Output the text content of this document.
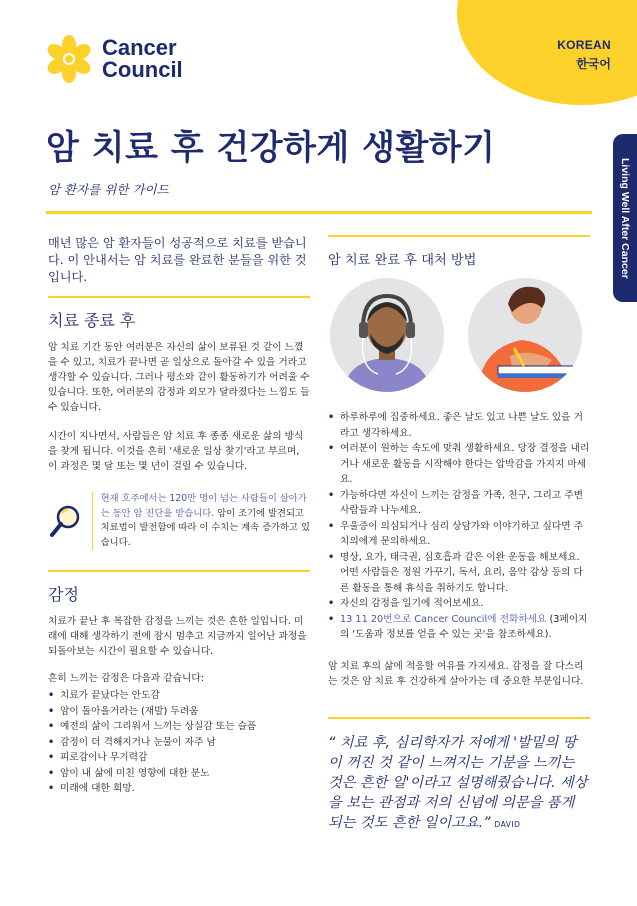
KOREAN
한국어
Cancer
Council
Living Well After Cancer
암 치료 후 건강하게 생활하기
암 환자를 위한 가이드

매년 많은 암 환자들이 성공적으로 치료를 받습니다. 이 안내서는 암 치료를 완료한 분들을 위한 것입니다.

치료 종료 후

암 치료 기간 동안 여러분은 자신의 삶이 보류된 것 같이 느꼈을 수 있고, 치료가 끝나면 곧 일상으로 돌아갈 수 있을 거라고 생각할 수 있습니다. 그러나 평소와 같이 활동하기가 어려울 수 있습니다. 또한, 여러분의 감정과 외모가 달라졌다는 느낌도 들 수 있습니다.

시간이 지나면서, 사람들은 암 치료 후 종종 새로운 삶의 방식을 찾게 됩니다. 이것을 흔히 '새로운 일상 찾기'라고 부르며, 이 과정은 몇 달 또는 몇 년이 걸릴 수 있습니다.

현재 호주에서는 120만 명이 넘는 사람들이 살아가는 동안 암 진단을 받습니다. 암이 조기에 발견되고 치료법이 발전함에 따라 이 수치는 계속 증가하고 있습니다.
감정

치료가 끝난 후 복잡한 감정을 느끼는 것은 흔한 일입니다. 미래에 대해 생각하기 전에 잠시 멈추고 지금까지 일어난 과정을 되돌아보는 시간이 필요할 수 있습니다.

흔히 느끼는 감정은 다음과 같습니다:

• 치료가 끝났다는 안도감
• 암이 돌아올거라는 (재발) 두려움
• 예전의 삶이 그리워서 느끼는 상실감 또는 슬픔
• 감정이 더 격해지거나 눈물이 자주 남
• 피로감이나 무기력감
• 암이 내 삶에 미친 영향에 대한 분노
• 미래에 대한 희망.
암 치료 완료 후 대처 방법
• 하루하루에 집중하세요. 좋은 날도 있고 나쁜 날도 있을 거라고 생각하세요.
• 여러분이 원하는 속도에 맞춰 생활하세요. 당장 결정을 내리거나 새로운 활동을 시작해야 한다는 압박감을 가지지 마세요.
• 가능하다면 자신이 느끼는 감정을 가족, 친구, 그리고 주변 사람들과 나누세요.
• 우울증이 의심되거나 심리 상담가와 이야기하고 싶다면 주치의에게 문의하세요.
• 명상, 요가, 태극권, 심호흡과 같은 이완 운동을 해보세요. 어떤 사람들은 정원 가꾸기, 독서, 요리, 음악 감상 등의 다른 활동을 통해 휴식을 취하기도 합니다.
• 자신의 감정을 일기에 적어보세요.
• 13 11 20번으로 Cancer Council에 전화하세요 (3페이지의 '도움과 정보를 얻을 수 있는 곳'을 참조하세요).

암 치료 후의 삶에 적응할 여유를 가지세요. 감정을 잘 다스리는 것은 암 치료 후 건강하게 살아가는 데 중요한 부분입니다.

“ 치료 후, 심리학자가 저에게 '발밑의 땅이 꺼진 것 같이 느껴지는 기분을 느끼는 것은 흔한 일'이라고 설명해줬습니다. 세상을 보는 관점과 저의 신념에 의문을 품게 되는 것도 흔한 일이고요.” DAVID
